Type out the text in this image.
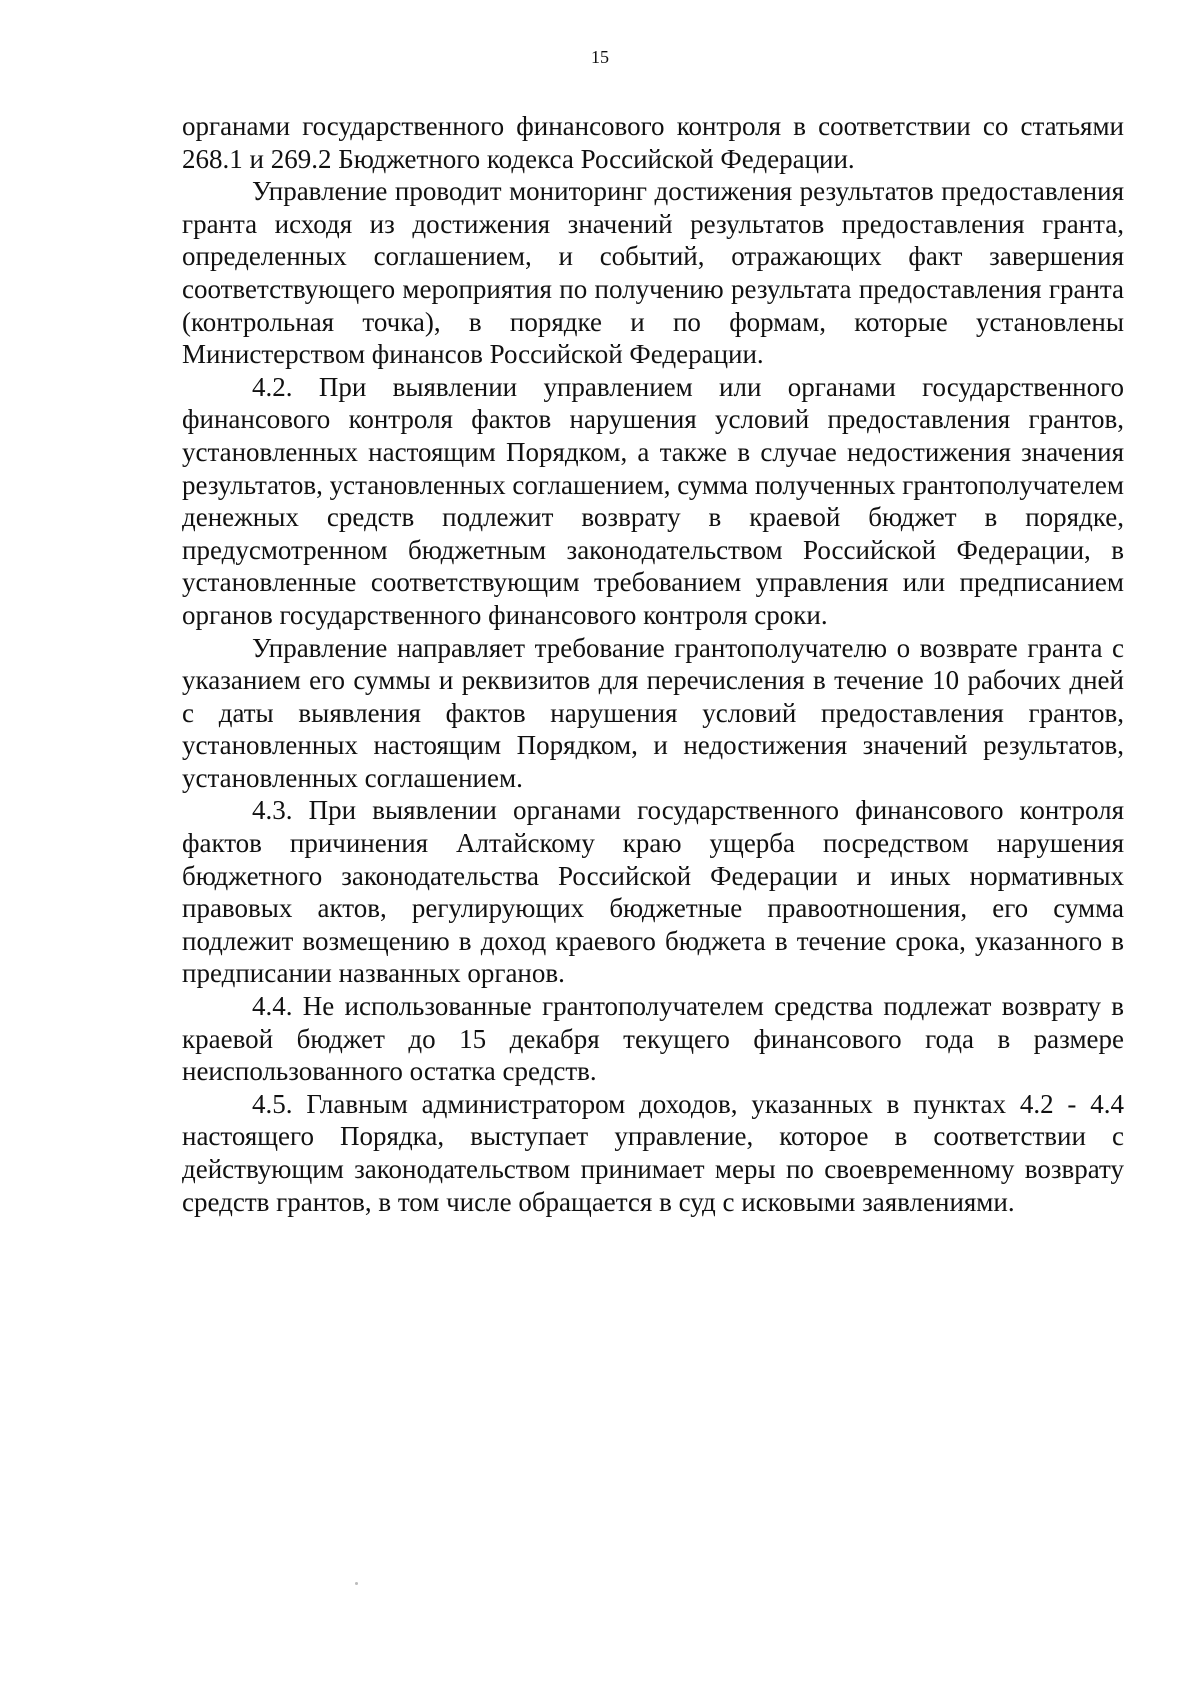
15

органами государственного финансового контроля в соответствии со статьями 268.1 и 269.2 Бюджетного кодекса Российской Федерации.

Управление проводит мониторинг достижения результатов предоставления гранта исходя из достижения значений результатов предоставления гранта, определенных соглашением, и событий, отражающих факт завершения соответствующего мероприятия по получению результата предоставления гранта (контрольная точка), в порядке и по формам, которые установлены Министерством финансов Российской Федерации.

4.2. При выявлении управлением или органами государственного финансового контроля фактов нарушения условий предоставления грантов, установленных настоящим Порядком, а также в случае недостижения значения результатов, установленных соглашением, сумма полученных грантополучателем денежных средств подлежит возврату в краевой бюджет в порядке, предусмотренном бюджетным законодательством Российской Федерации, в установленные соответствующим требованием управления или предписанием органов государственного финансового контроля сроки.

Управление направляет требование грантополучателю о возврате гранта с указанием его суммы и реквизитов для перечисления в течение 10 рабочих дней с даты выявления фактов нарушения условий предоставления грантов, установленных настоящим Порядком, и недостижения значений результатов, установленных соглашением.

4.3. При выявлении органами государственного финансового контроля фактов причинения Алтайскому краю ущерба посредством нарушения бюджетного законодательства Российской Федерации и иных нормативных правовых актов, регулирующих бюджетные правоотношения, его сумма подлежит возмещению в доход краевого бюджета в течение срока, указанного в предписании названных органов.

4.4. Не использованные грантополучателем средства подлежат возврату в краевой бюджет до 15 декабря текущего финансового года в размере неиспользованного остатка средств.

4.5. Главным администратором доходов, указанных в пунктах 4.2 - 4.4 настоящего Порядка, выступает управление, которое в соответствии с действующим законодательством принимает меры по своевременному возврату средств грантов, в том числе обращается в суд с исковыми заявлениями.
